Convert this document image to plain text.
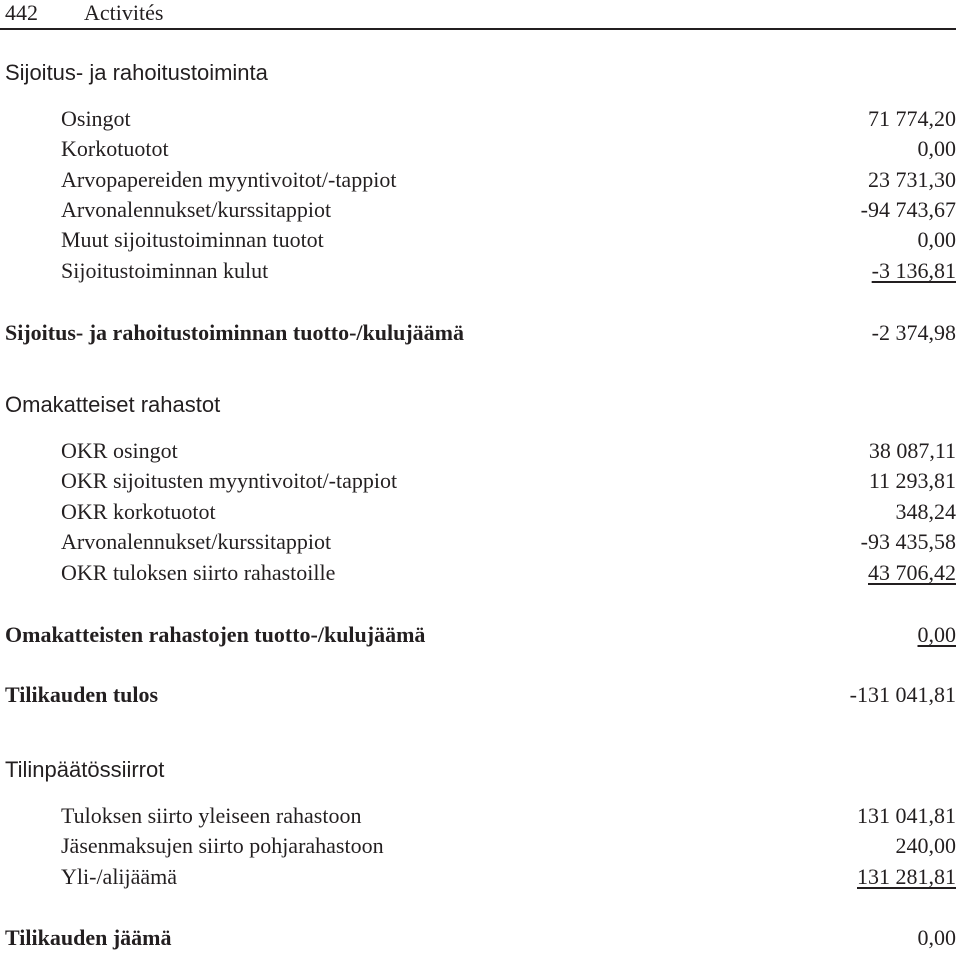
442 Activités
Sijoitus- ja rahoitustoiminta
Osingot	71 774,20
Korkotuotot	0,00
Arvopapereiden myyntivoitot/-tappiot	23 731,30
Arvonalennukset/kurssitappiot	-94 743,67
Muut sijoitustoiminnan tuotot	0,00
Sijoitustoiminnan kulut	-3 136,81
Sijoitus- ja rahoitustoiminnan tuotto-/kulujäämä	-2 374,98
Omakatteiset rahastot
OKR osingot	38 087,11
OKR sijoitusten myyntivoitot/-tappiot	11 293,81
OKR korkotuotot	348,24
Arvonalennukset/kurssitappiot	-93 435,58
OKR tuloksen siirto rahastoille	43 706,42
Omakatteisten rahastojen tuotto-/kulujäämä	0,00
Tilikauden tulos	-131 041,81
Tilinpäätössiirrot
Tuloksen siirto yleiseen rahastoon	131 041,81
Jäsenmaksujen siirto pohjarahastoon	240,00
Yli-/alijäämä	131 281,81
Tilikauden jäämä	0,00
